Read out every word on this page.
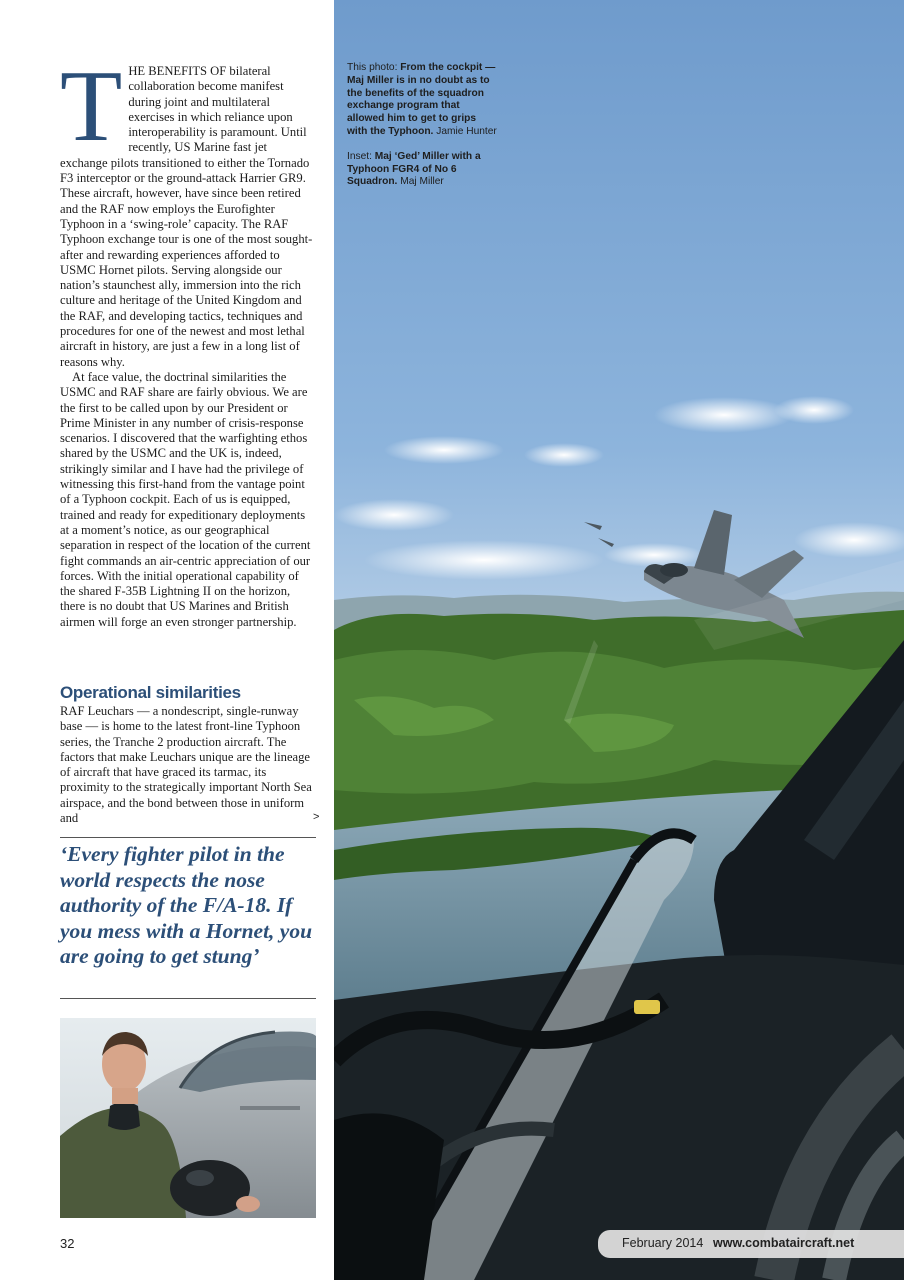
THE BENEFITS OF bilateral collaboration become manifest during joint and multilateral exercises in which reliance upon interoperability is paramount. Until recently, US Marine fast jet exchange pilots transitioned to either the Tornado F3 interceptor or the ground-attack Harrier GR9. These aircraft, however, have since been retired and the RAF now employs the Eurofighter Typhoon in a ‘swing-role’ capacity. The RAF Typhoon exchange tour is one of the most sought-after and rewarding experiences afforded to USMC Hornet pilots. Serving alongside our nation’s staunchest ally, immersion into the rich culture and heritage of the United Kingdom and the RAF, and developing tactics, techniques and procedures for one of the newest and most lethal aircraft in history, are just a few in a long list of reasons why.

At face value, the doctrinal similarities the USMC and RAF share are fairly obvious. We are the first to be called upon by our President or Prime Minister in any number of crisis-response scenarios. I discovered that the warfighting ethos shared by the USMC and the UK is, indeed, strikingly similar and I have had the privilege of witnessing this first-hand from the vantage point of a Typhoon cockpit. Each of us is equipped, trained and ready for expeditionary deployments at a moment’s notice, as our geographical separation in respect of the location of the current fight commands an air-centric appreciation of our forces. With the initial operational capability of the shared F-35B Lightning II on the horizon, there is no doubt that US Marines and British airmen will forge an even stronger partnership.

Operational similarities

RAF Leuchars — a nondescript, single-runway base — is home to the latest front-line Typhoon series, the Tranche 2 production aircraft. The factors that make Leuchars unique are the lineage of aircraft that have graced its tarmac, its proximity to the strategically important North Sea airspace, and the bond between those in uniform and	>

‘Every fighter pilot in the world respects the nose authority of the F/A-18. If you mess with a Hornet, you are going to get stung’

32

This photo: From the cockpit — Maj Miller is in no doubt as to the benefits of the squadron exchange program that allowed him to get to grips with the Typhoon. Jamie Hunter

Inset: Maj ‘Ged’ Miller with a Typhoon FGR4 of No 6 Squadron. Maj Miller

February 2014 www.combataircraft.net
